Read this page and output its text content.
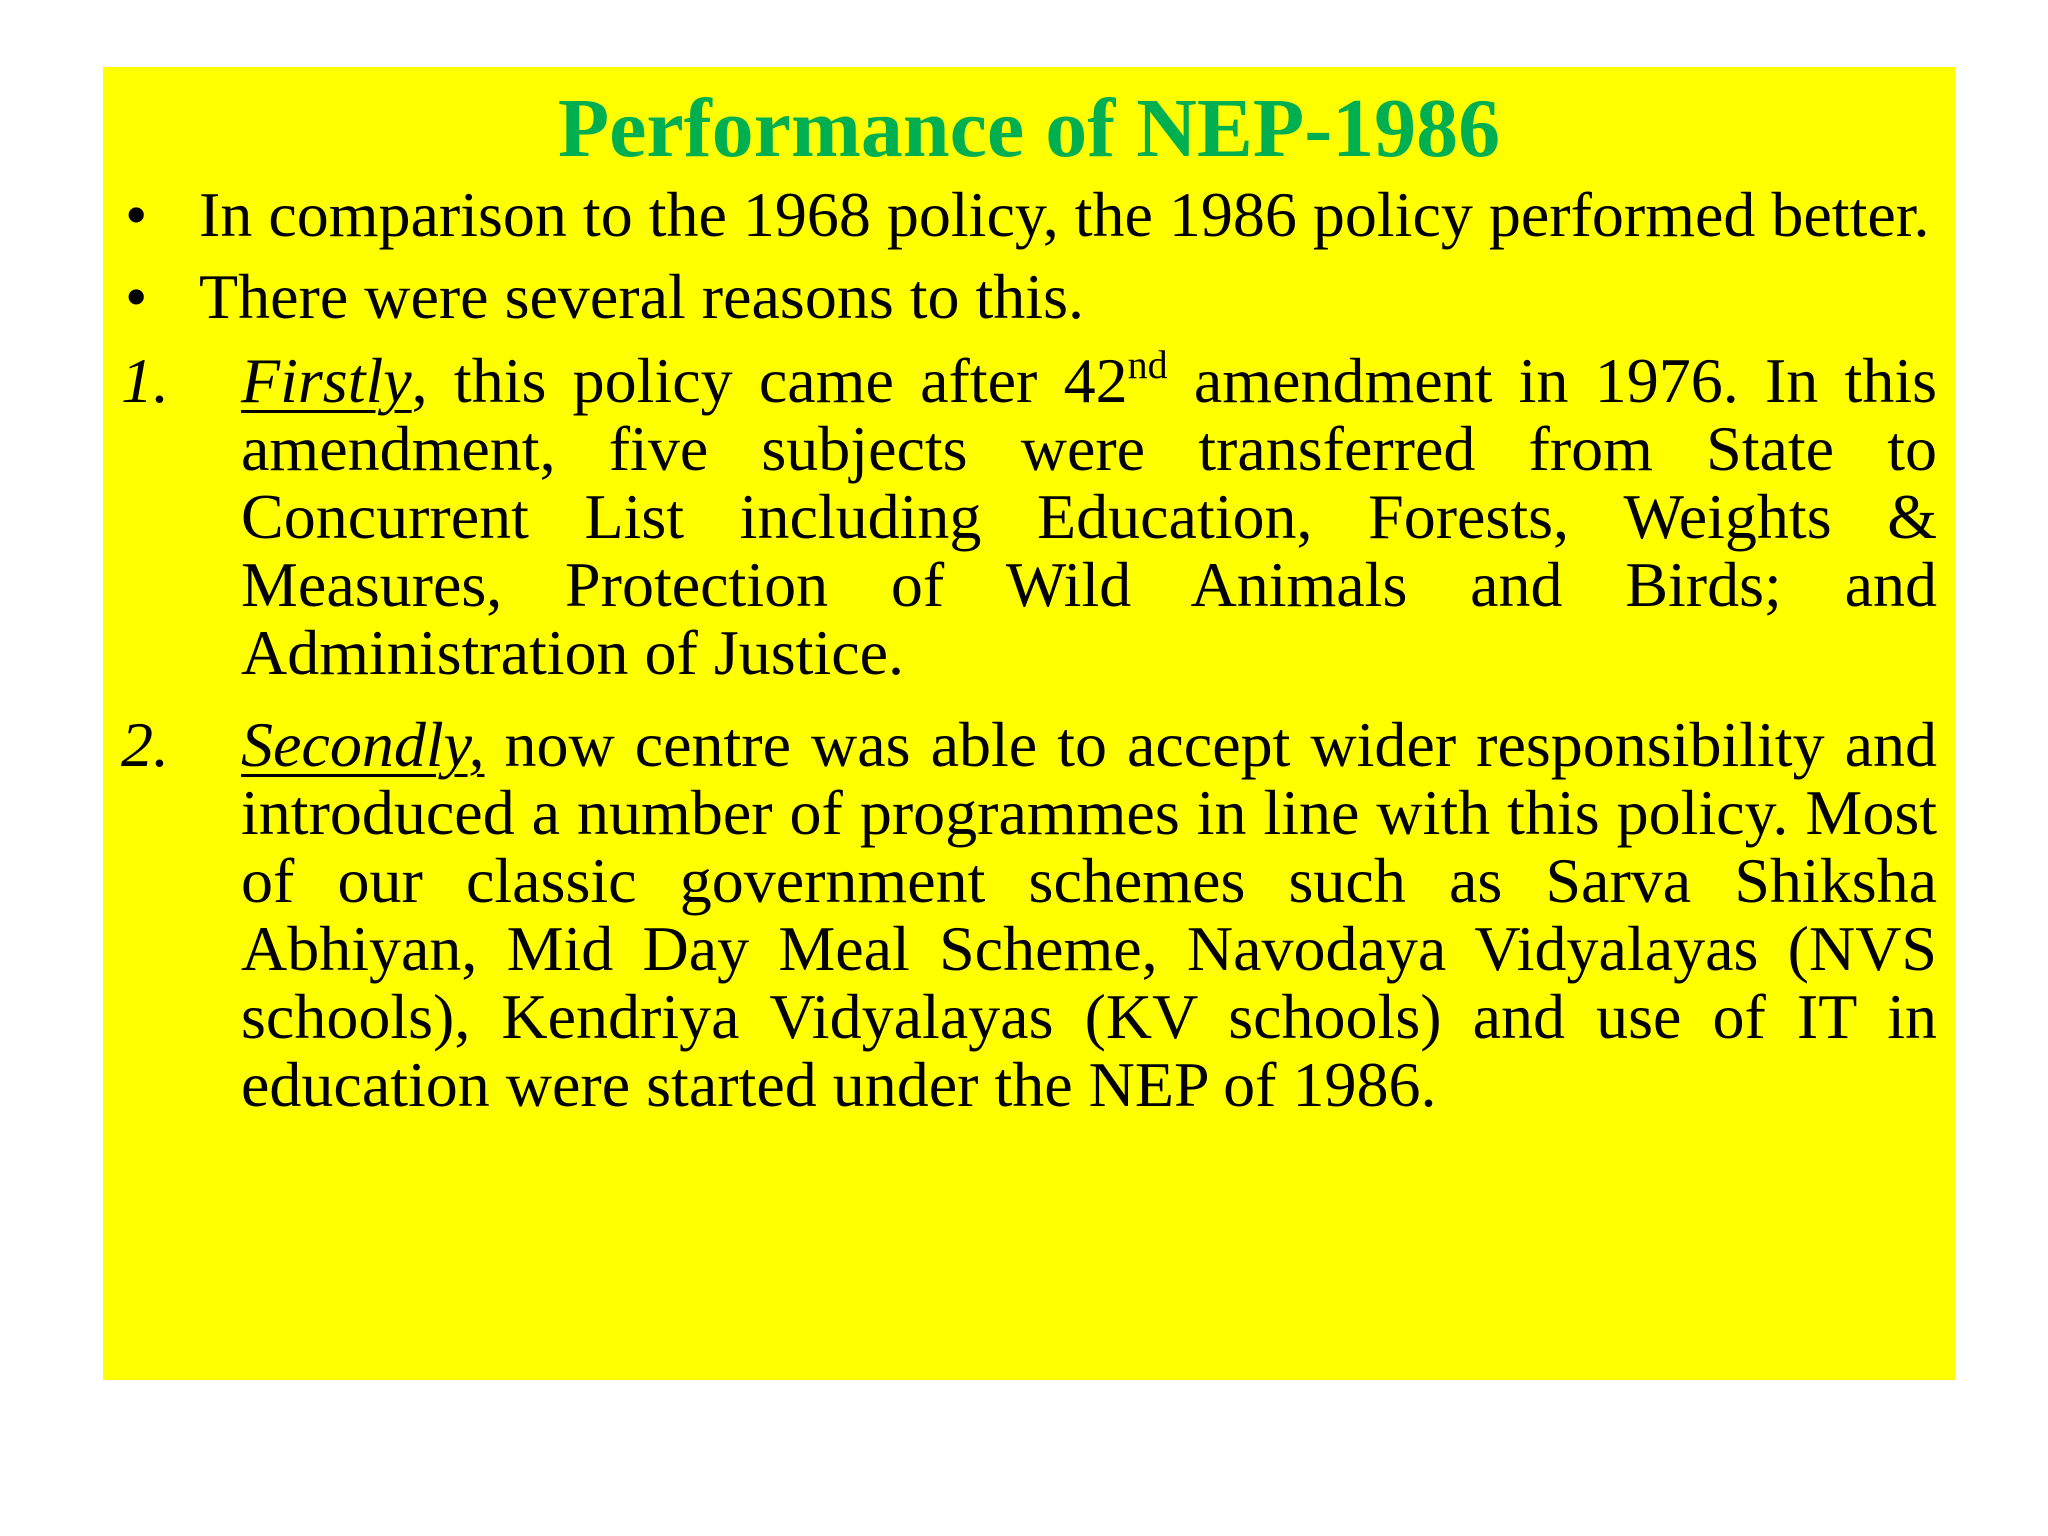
Performance of NEP-1986

• In comparison to the 1968 policy, the 1986 policy performed better.

• There were several reasons to this.

1. Firstly, this policy came after 42nd amendment in 1976. In this amendment, five subjects were transferred from State to Concurrent List including Education, Forests, Weights & Measures, Protection of Wild Animals and Birds; and Administration of Justice.

2. Secondly, now centre was able to accept wider responsibility and introduced a number of programmes in line with this policy. Most of our classic government schemes such as Sarva Shiksha Abhiyan, Mid Day Meal Scheme, Navodaya Vidyalayas (NVS schools), Kendriya Vidyalayas (KV schools) and use of IT in education were started under the NEP of 1986.
